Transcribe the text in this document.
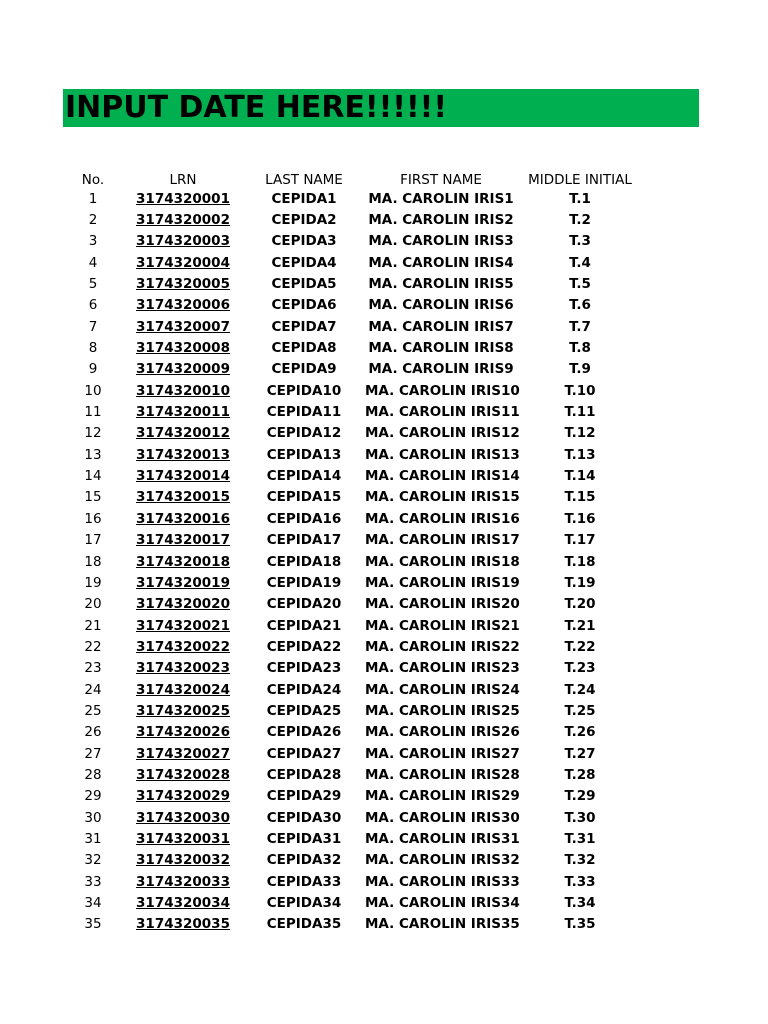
INPUT DATE HERE!!!!!!
No.	LRN	LAST NAME	FIRST NAME	MIDDLE INITIAL
1	3174320001	CEPIDA1	MA. CAROLIN IRIS1	T.1
2	3174320002	CEPIDA2	MA. CAROLIN IRIS2	T.2
3	3174320003	CEPIDA3	MA. CAROLIN IRIS3	T.3
4	3174320004	CEPIDA4	MA. CAROLIN IRIS4	T.4
5	3174320005	CEPIDA5	MA. CAROLIN IRIS5	T.5
6	3174320006	CEPIDA6	MA. CAROLIN IRIS6	T.6
7	3174320007	CEPIDA7	MA. CAROLIN IRIS7	T.7
8	3174320008	CEPIDA8	MA. CAROLIN IRIS8	T.8
9	3174320009	CEPIDA9	MA. CAROLIN IRIS9	T.9
10	3174320010	CEPIDA10	MA. CAROLIN IRIS10	T.10
11	3174320011	CEPIDA11	MA. CAROLIN IRIS11	T.11
12	3174320012	CEPIDA12	MA. CAROLIN IRIS12	T.12
13	3174320013	CEPIDA13	MA. CAROLIN IRIS13	T.13
14	3174320014	CEPIDA14	MA. CAROLIN IRIS14	T.14
15	3174320015	CEPIDA15	MA. CAROLIN IRIS15	T.15
16	3174320016	CEPIDA16	MA. CAROLIN IRIS16	T.16
17	3174320017	CEPIDA17	MA. CAROLIN IRIS17	T.17
18	3174320018	CEPIDA18	MA. CAROLIN IRIS18	T.18
19	3174320019	CEPIDA19	MA. CAROLIN IRIS19	T.19
20	3174320020	CEPIDA20	MA. CAROLIN IRIS20	T.20
21	3174320021	CEPIDA21	MA. CAROLIN IRIS21	T.21
22	3174320022	CEPIDA22	MA. CAROLIN IRIS22	T.22
23	3174320023	CEPIDA23	MA. CAROLIN IRIS23	T.23
24	3174320024	CEPIDA24	MA. CAROLIN IRIS24	T.24
25	3174320025	CEPIDA25	MA. CAROLIN IRIS25	T.25
26	3174320026	CEPIDA26	MA. CAROLIN IRIS26	T.26
27	3174320027	CEPIDA27	MA. CAROLIN IRIS27	T.27
28	3174320028	CEPIDA28	MA. CAROLIN IRIS28	T.28
29	3174320029	CEPIDA29	MA. CAROLIN IRIS29	T.29
30	3174320030	CEPIDA30	MA. CAROLIN IRIS30	T.30
31	3174320031	CEPIDA31	MA. CAROLIN IRIS31	T.31
32	3174320032	CEPIDA32	MA. CAROLIN IRIS32	T.32
33	3174320033	CEPIDA33	MA. CAROLIN IRIS33	T.33
34	3174320034	CEPIDA34	MA. CAROLIN IRIS34	T.34
35	3174320035	CEPIDA35	MA. CAROLIN IRIS35	T.35
